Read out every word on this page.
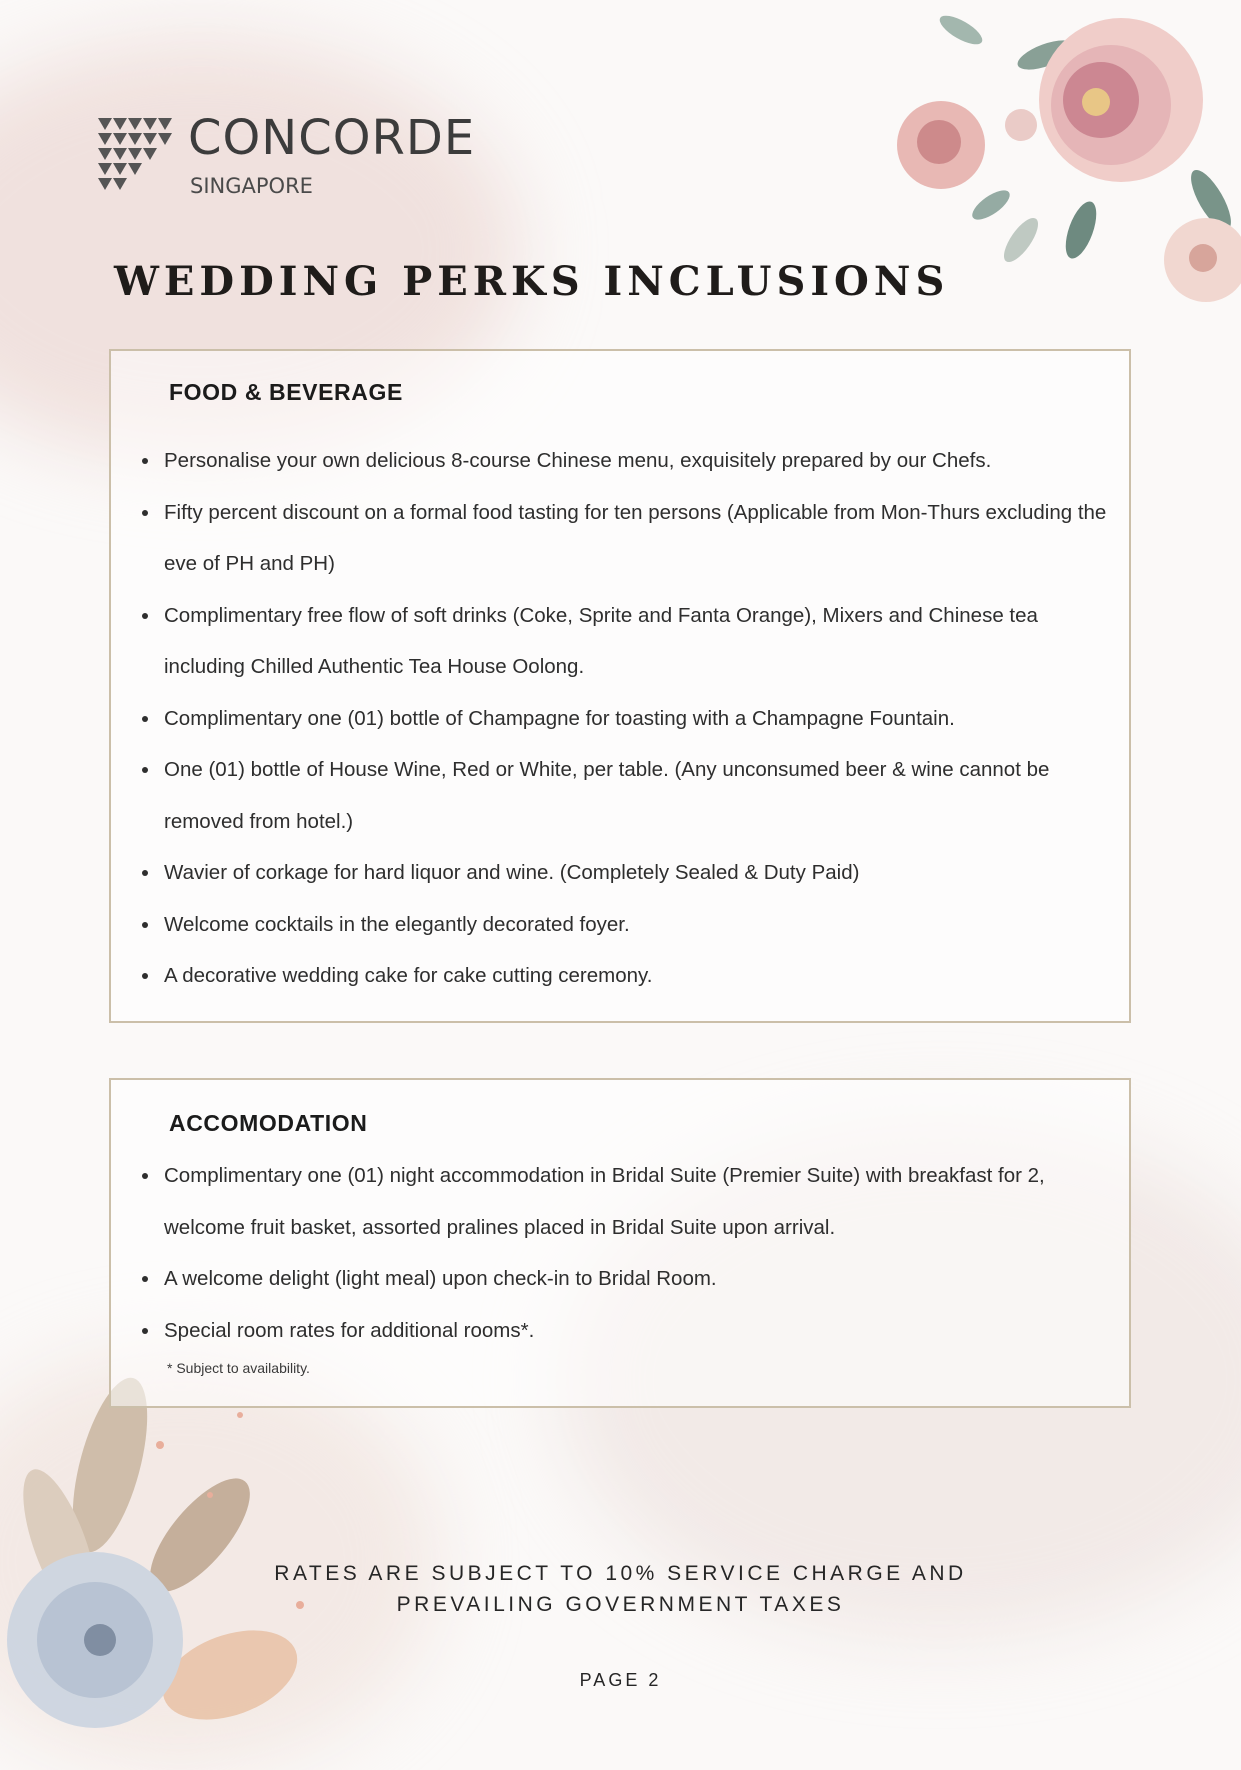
CONCORDE
SINGAPORE
WEDDING PERKS INCLUSIONS
FOOD & BEVERAGE
Personalise your own delicious 8-course Chinese menu, exquisitely prepared by our Chefs.
Fifty percent discount on a formal food tasting for ten persons (Applicable from Mon-Thurs excluding the eve of PH and PH)
Complimentary free flow of soft drinks (Coke, Sprite and Fanta Orange), Mixers and Chinese tea including Chilled Authentic Tea House Oolong.
Complimentary one (01) bottle of Champagne for toasting with a Champagne Fountain.
One (01) bottle of House Wine, Red or White, per table. (Any unconsumed beer & wine cannot be removed from hotel.)
Wavier of corkage for hard liquor and wine. (Completely Sealed & Duty Paid)
Welcome cocktails in the elegantly decorated foyer.
A decorative wedding cake for cake cutting ceremony.
ACCOMODATION
Complimentary one (01) night accommodation in Bridal Suite (Premier Suite) with breakfast for 2, welcome fruit basket, assorted pralines placed in Bridal Suite upon arrival.
A welcome delight (light meal) upon check-in to Bridal Room.
Special room rates for additional rooms*.
* Subject to availability.
RATES ARE SUBJECT TO 10% SERVICE CHARGE AND
PREVAILING GOVERNMENT TAXES
PAGE 2
